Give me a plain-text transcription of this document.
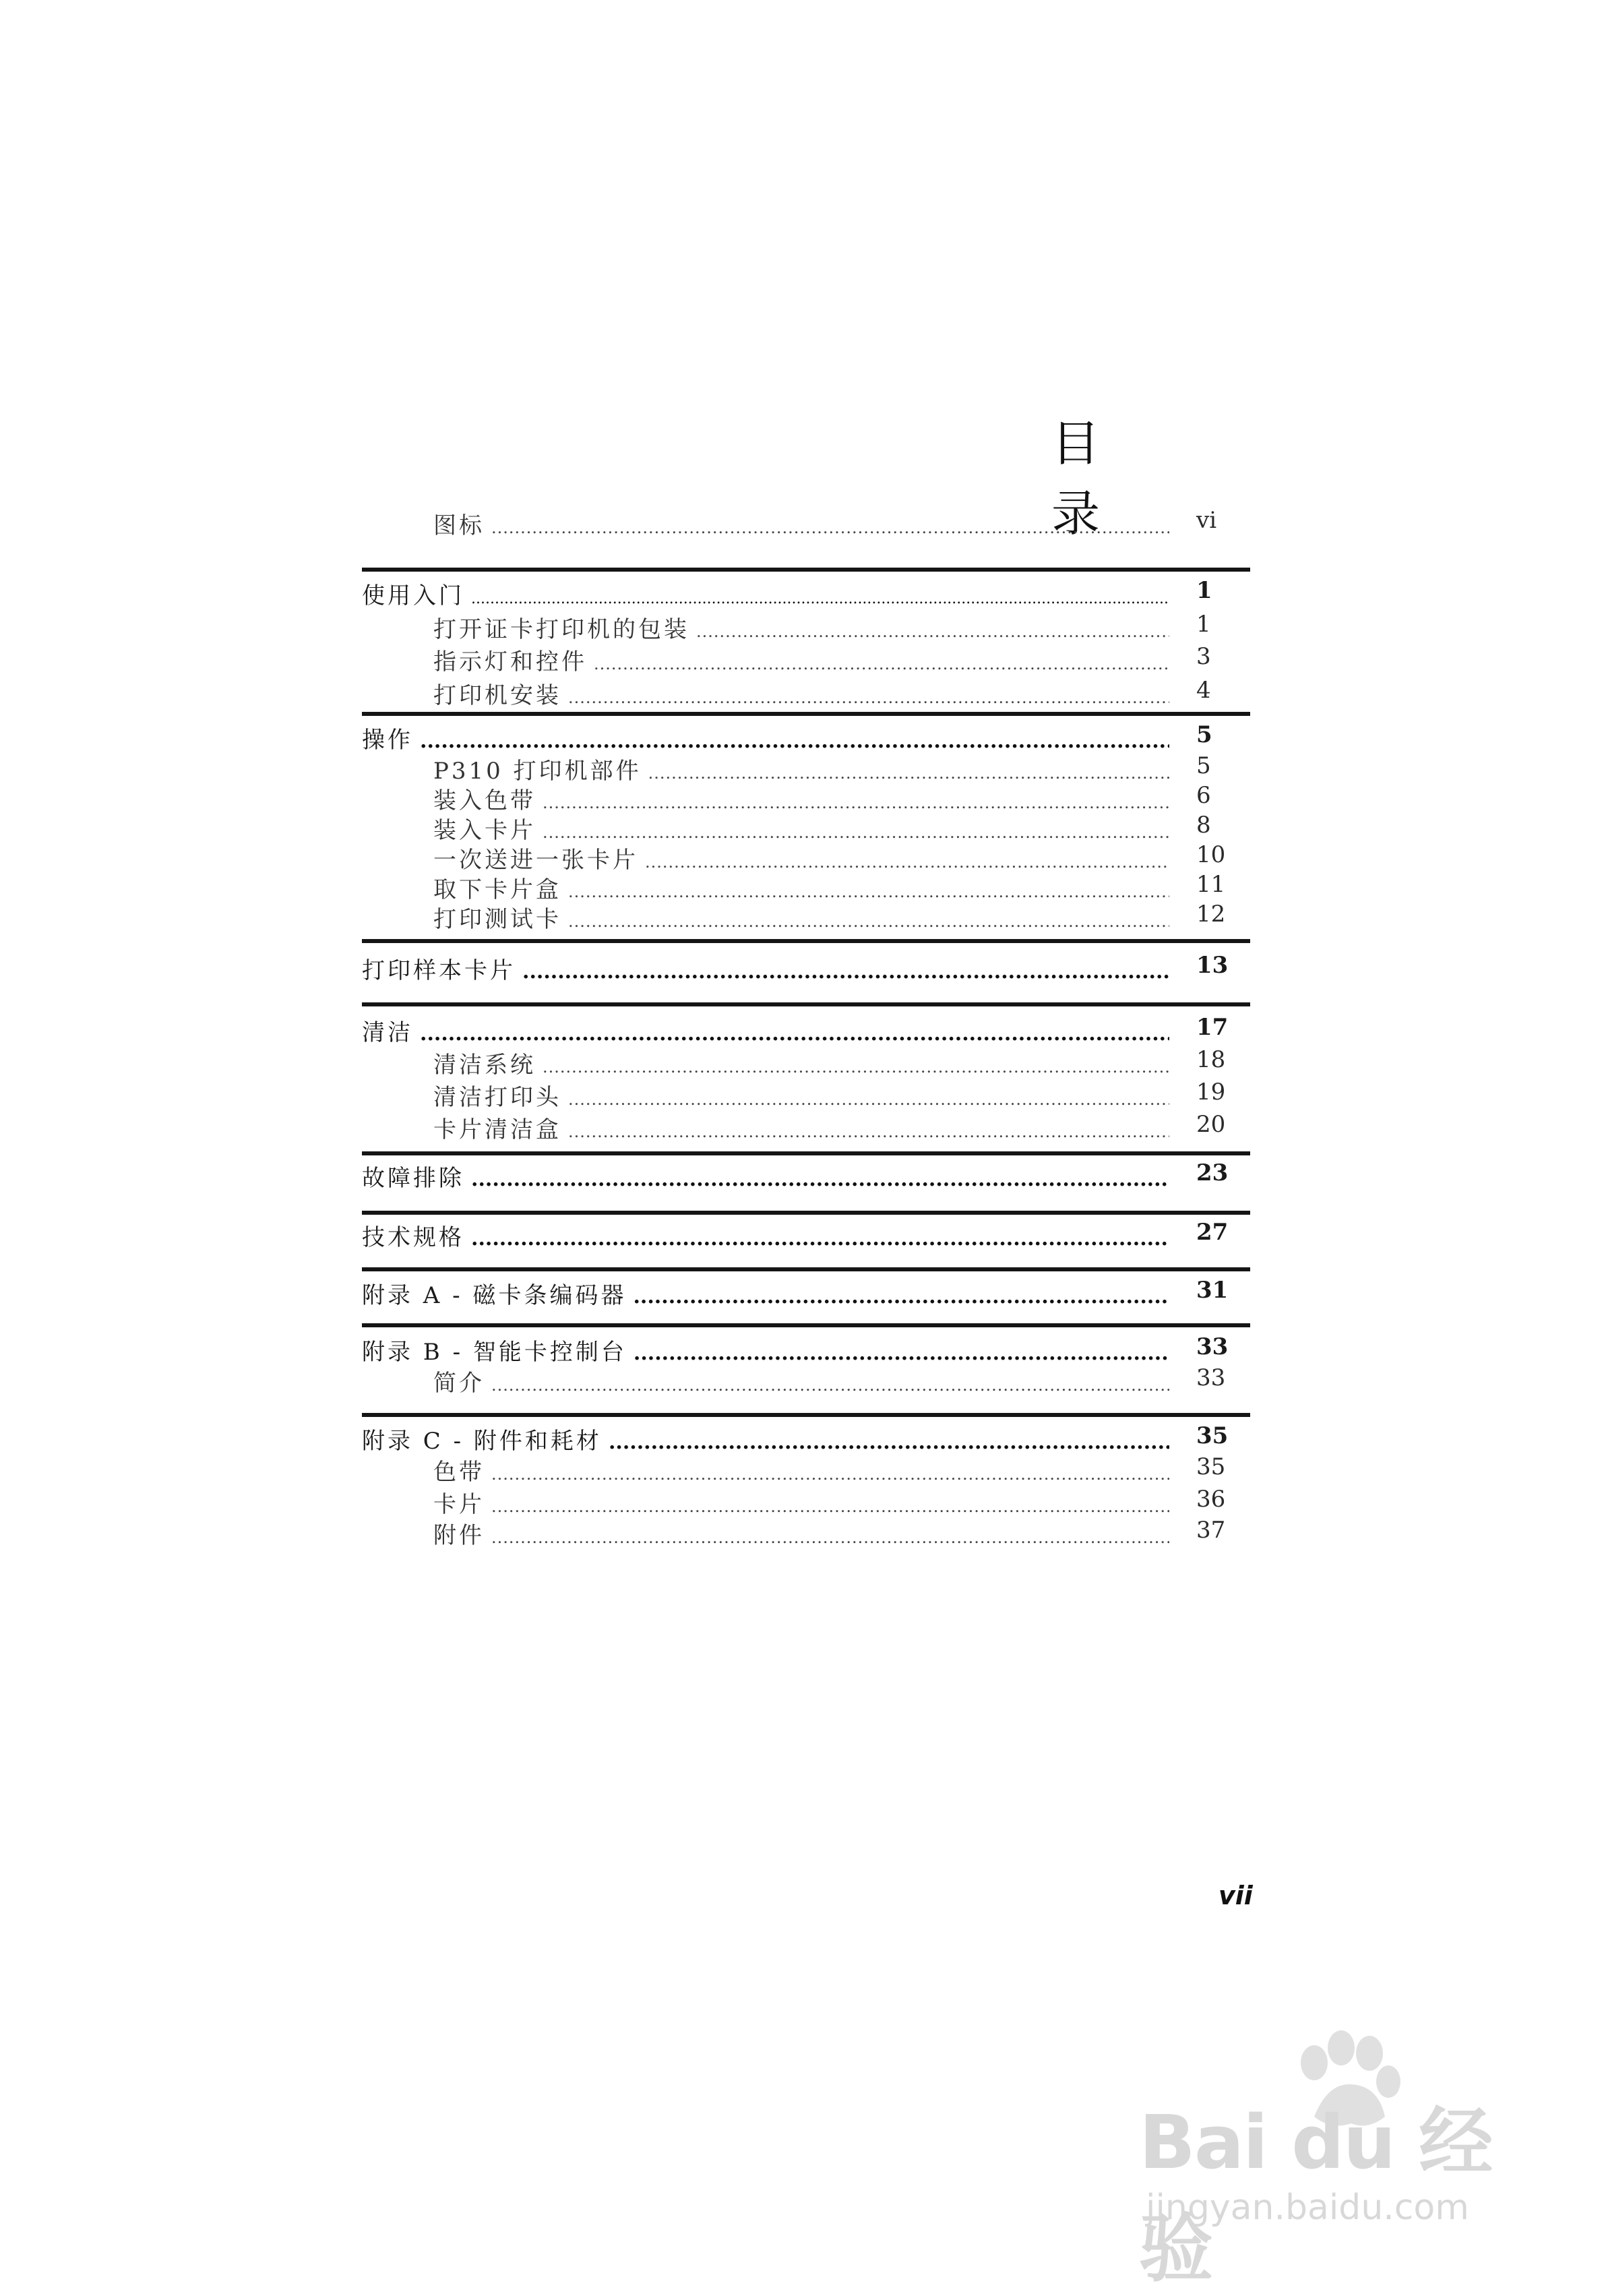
目录
图标 .....	vi
使用入门 .....	1
打开证卡打印机的包装 .....	1
指示灯和控件 .....	3
打印机安装 .....	4
操作 .....	5
P310 打印机部件 .....	5
装入色带 .....	6
装入卡片 .....	8
一次送进一张卡片 .....	10
取下卡片盒 .....	11
打印测试卡 .....	12
打印样本卡片 .....	13
清洁 .....	17
清洁系统 .....	18
清洁打印头 .....	19
卡片清洁盒 .....	20
故障排除 .....	23
技术规格 .....	27
附录 A - 磁卡条编码器 .....	31
附录 B - 智能卡控制台 .....	33
简介 .....	33
附录 C - 附件和耗材 .....	35
色带 .....	35
卡片 .....	36
附件 .....	37
vii
Bai du 经验
jingyan.baidu.com
